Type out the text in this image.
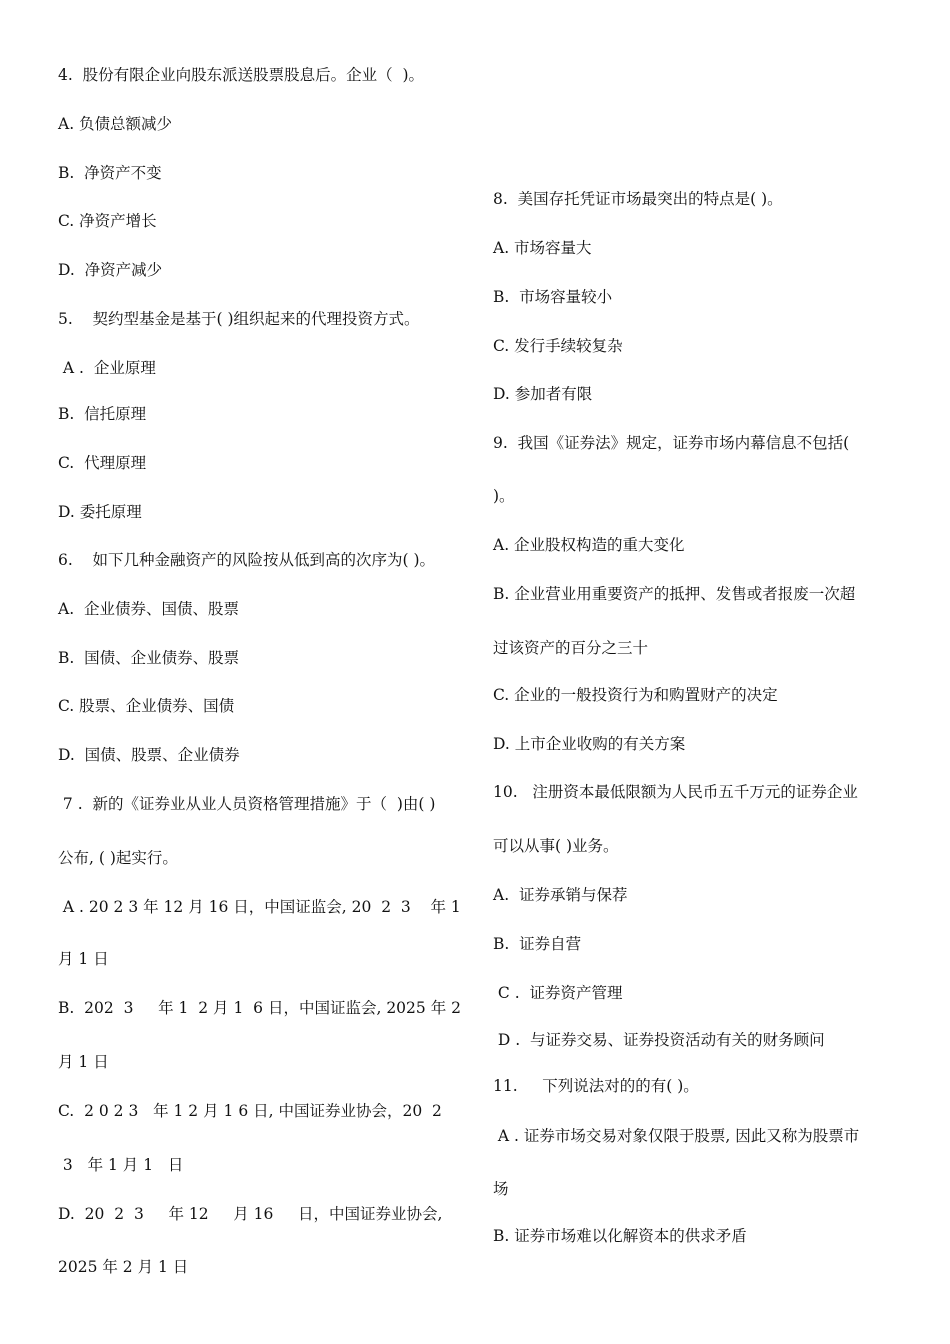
4.  股份有限企业向股东派送股票股息后。企业（  )。
A. 负债总额减少
B.  净资产不变
C. 净资产增长
D.  净资产减少
5.    契约型基金是基于( )组织起来的代理投资方式。
A .  企业原理
B.  信托原理
C.  代理原理
D. 委托原理
6.    如下几种金融资产的风险按从低到高的次序为( )。
A.  企业债券、国债、股票
B.  国债、企业债券、股票
C. 股票、企业债券、国债
D.  国债、股票、企业债券
7 .  新的《证券业从业人员资格管理措施》于（  )由( )
公布, ( )起实行。
A . 20 2 3 年 12 月 16 日，中国证监会, 20  2  3    年 1
月 1 日
B.  202  3     年 1  2 月 1  6 日，中国证监会, 2025 年 2
月 1 日
C.  2 0 2 3   年 1 2 月 1 6 日, 中国证券业协会，20  2
3   年 1 月 1   日
D.  20  2  3     年 12     月 16     日，中国证券业协会,
2025 年 2 月 1 日
8.  美国存托凭证市场最突出的特点是( )。
A. 市场容量大
B.  市场容量较小
C. 发行手续较复杂
D. 参加者有限
9.  我国《证券法》规定，证券市场内幕信息不包括(
)。
A. 企业股权构造的重大变化
B. 企业营业用重要资产的抵押、发售或者报废一次超
过该资产的百分之三十
C. 企业的一般投资行为和购置财产的决定
D. 上市企业收购的有关方案
10.   注册资本最低限额为人民币五千万元的证券企业
可以从事( )业务。
A.  证券承销与保荐
B.  证券自营
C .  证券资产管理
D .  与证券交易、证券投资活动有关的财务顾问
11.     下列说法对的的有( )。
A . 证券市场交易对象仅限于股票, 因此又称为股票市
场
B. 证券市场难以化解资本的供求矛盾
